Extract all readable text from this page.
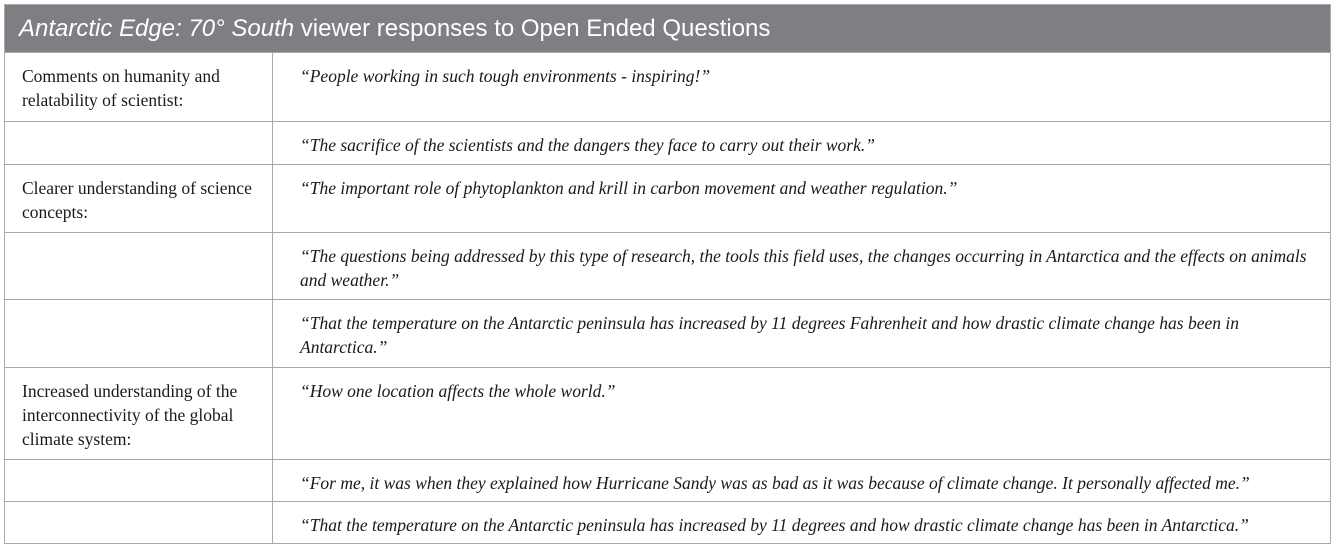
Antarctic Edge: 70° South viewer responses to Open Ended Questions
Comments on humanity and relatability of scientist:
“People working in such tough environments - inspiring!”
“The sacrifice of the scientists and the dangers they face to carry out their work.”
Clearer understanding of science concepts:
“The important role of phytoplankton and krill in carbon movement and weather regulation.”
“The questions being addressed by this type of research, the tools this field uses, the changes occurring in Antarctica and the effects on animals and weather.”
“That the temperature on the Antarctic peninsula has increased by 11 degrees Fahrenheit and how drastic climate change has been in Antarctica.”
Increased understanding of the interconnectivity of the global climate system:
“How one location affects the whole world.”
“For me, it was when they explained how Hurricane Sandy was as bad as it was because of climate change. It personally affected me.”
“That the temperature on the Antarctic peninsula has increased by 11 degrees and how drastic climate change has been in Antarctica.”
